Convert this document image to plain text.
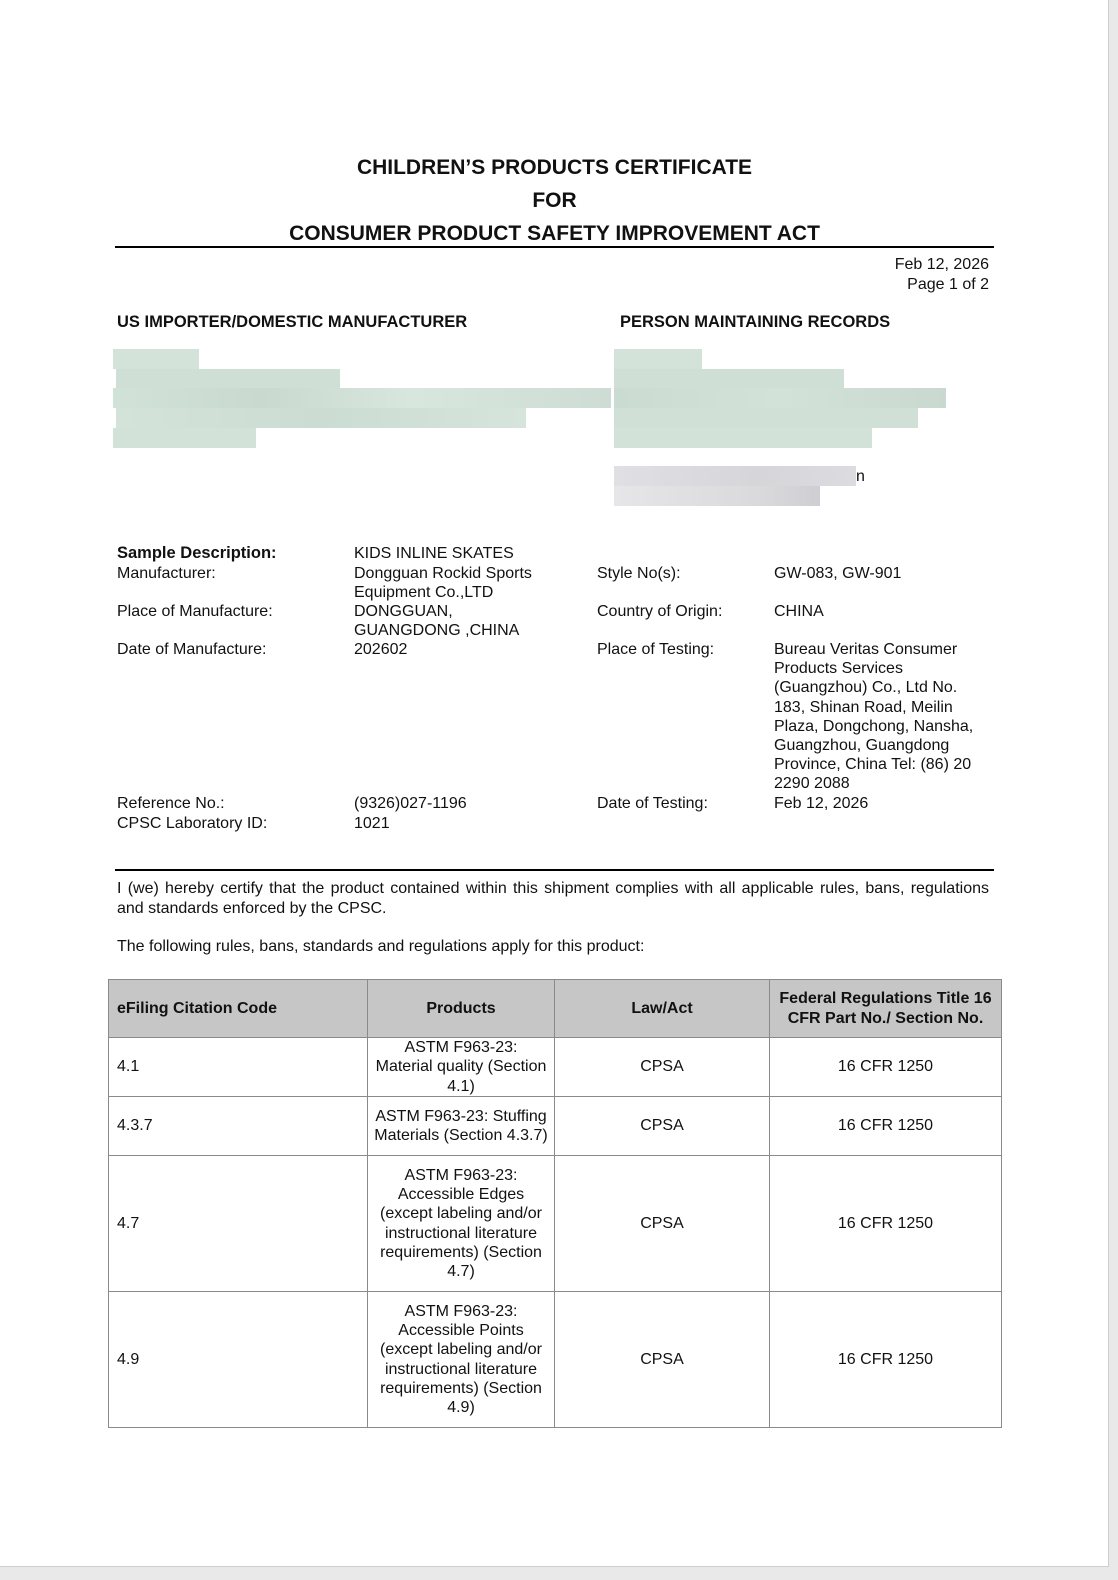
CHILDREN’S PRODUCTS CERTIFICATE
FOR
CONSUMER PRODUCT SAFETY IMPROVEMENT ACT
Feb 12, 2026
Page 1 of 2
US IMPORTER/DOMESTIC MANUFACTURER	PERSON MAINTAINING RECORDS
n
Sample Description:	KIDS INLINE SKATES
Manufacturer:	Dongguan Rockid Sports Equipment Co.,LTD
Place of Manufacture:	DONGGUAN, GUANGDONG ,CHINA
Date of Manufacture:	202602
Style No(s):	GW-083, GW-901
Country of Origin:	CHINA
Place of Testing:	Bureau Veritas Consumer Products Services (Guangzhou) Co., Ltd No. 183, Shinan Road, Meilin Plaza, Dongchong, Nansha, Guangzhou, Guangdong Province, China Tel: (86) 20 2290 2088
Reference No.:	(9326)027-1196
CPSC Laboratory ID:	1021
Date of Testing:	Feb 12, 2026
I (we) hereby certify that the product contained within this shipment complies with all applicable rules, bans, regulations and standards enforced by the CPSC.
The following rules, bans, standards and regulations apply for this product:
eFiling Citation Code	Products	Law/Act	Federal Regulations Title 16 CFR Part No./ Section No.
4.1	ASTM F963-23: Material quality (Section 4.1)	CPSA	16 CFR 1250
4.3.7	ASTM F963-23: Stuffing Materials (Section 4.3.7)	CPSA	16 CFR 1250
4.7	ASTM F963-23: Accessible Edges (except labeling and/or instructional literature requirements) (Section 4.7)	CPSA	16 CFR 1250
4.9	ASTM F963-23: Accessible Points (except labeling and/or instructional literature requirements) (Section 4.9)	CPSA	16 CFR 1250
